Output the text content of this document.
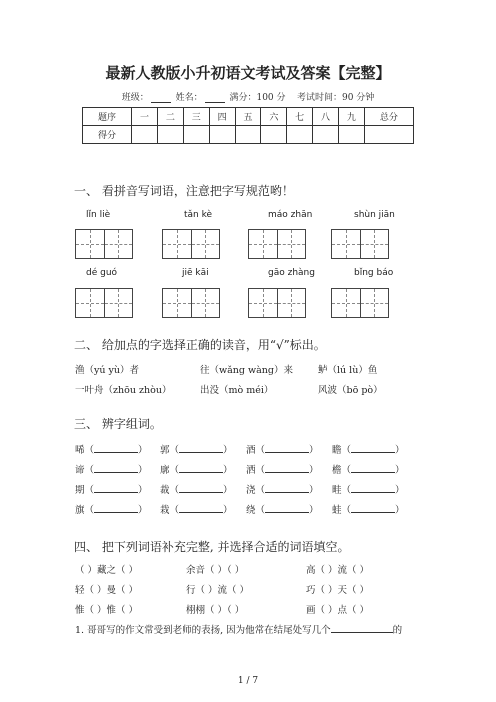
最新人教版小升初语文考试及答案【完整】
班级：	姓名：	满分：100 分 考试时间：90 分钟
题序	一	二	三	四	五	六	七	八	九	总分
得分										
一、 看拼音写词语，注意把字写规范哟！
lǐn liè	tǎn kè	máo zhān	shùn jiān
dé guó	jiē kāi	gāo zhàng	bǐng báo
二、 给加点的字选择正确的读音，用“√”标出。
渔（yú yù）者	往（wǎng wàng）来	鲈（lú lù）鱼
一叶舟（zhōu zhòu）	出没（mò méi）	风波（bō pò）
三、 辨字组词。
唏（	） 郭（	） 酒（	） 瞻（	）
谛（	） 廓（	） 洒（	） 檐（	）
期（	） 裁（	） 浇（	） 畦（	）
旗（	） 栽（	） 绕（	） 蛙（	）
四、 把下列词语补充完整, 并选择合适的词语填空。
（ ）藏之（ ）	余音（ ）（ ）	高（ ）流（ ）
轻（ ）曼（ ）	行（ ）流（ ）	巧（ ）天（ ）
惟（ ）惟（ ）	栩栩（ ）（ ）	画（ ）点（ ）
1. 哥哥写的作文常受到老师的表扬, 因为他常在结尾处写几个	的
1 / 7
